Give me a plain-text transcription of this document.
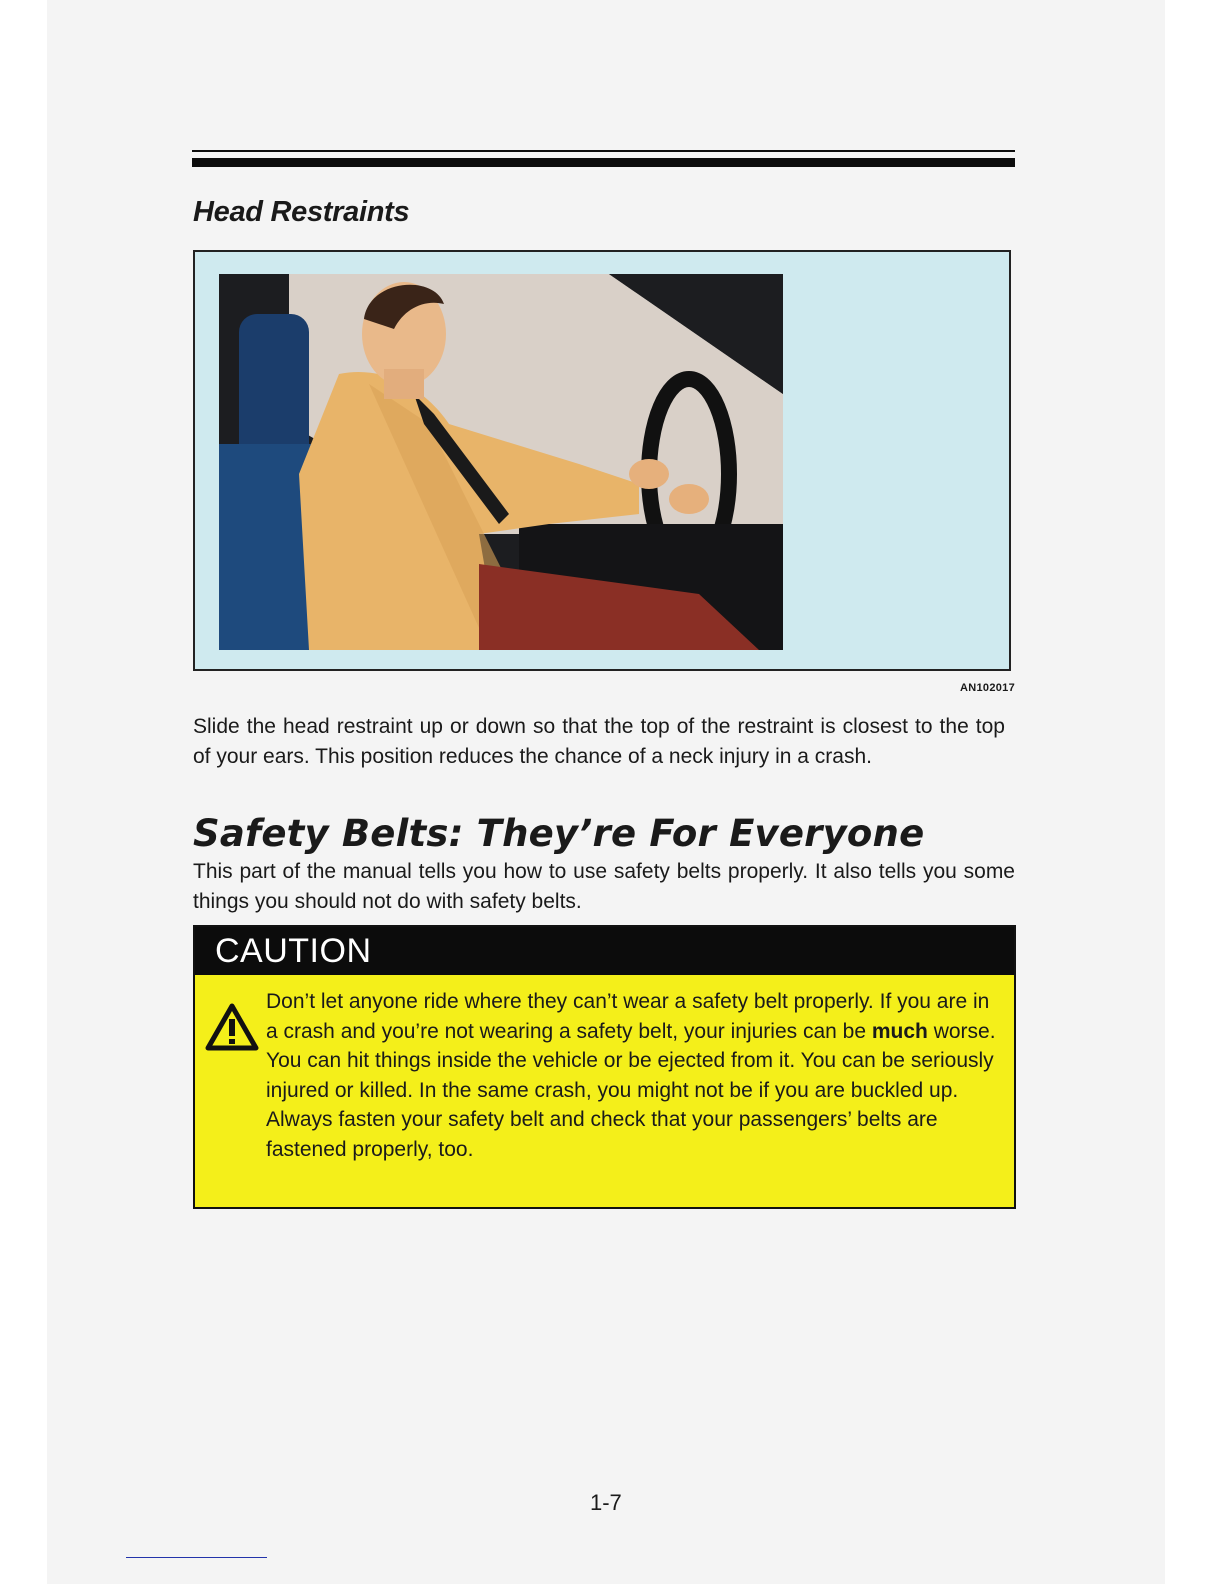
Head Restraints
AN102017

Slide the head restraint up or down so that the top of the restraint is closest to the top of your ears. This position reduces the chance of a neck injury in a crash.

Safety Belts: They’re For Everyone

This part of the manual tells you how to use safety belts properly. It also tells you some things you should not do with safety belts.

CAUTION

Don’t let anyone ride where they can’t wear a safety belt properly. If you are in a crash and you’re not wearing a safety belt, your injuries can be much worse. You can hit things inside the vehicle or be ejected from it. You can be seriously injured or killed. In the same crash, you might not be if you are buckled up. Always fasten your safety belt and check that your passengers’ belts are fastened properly, too.

1-7
